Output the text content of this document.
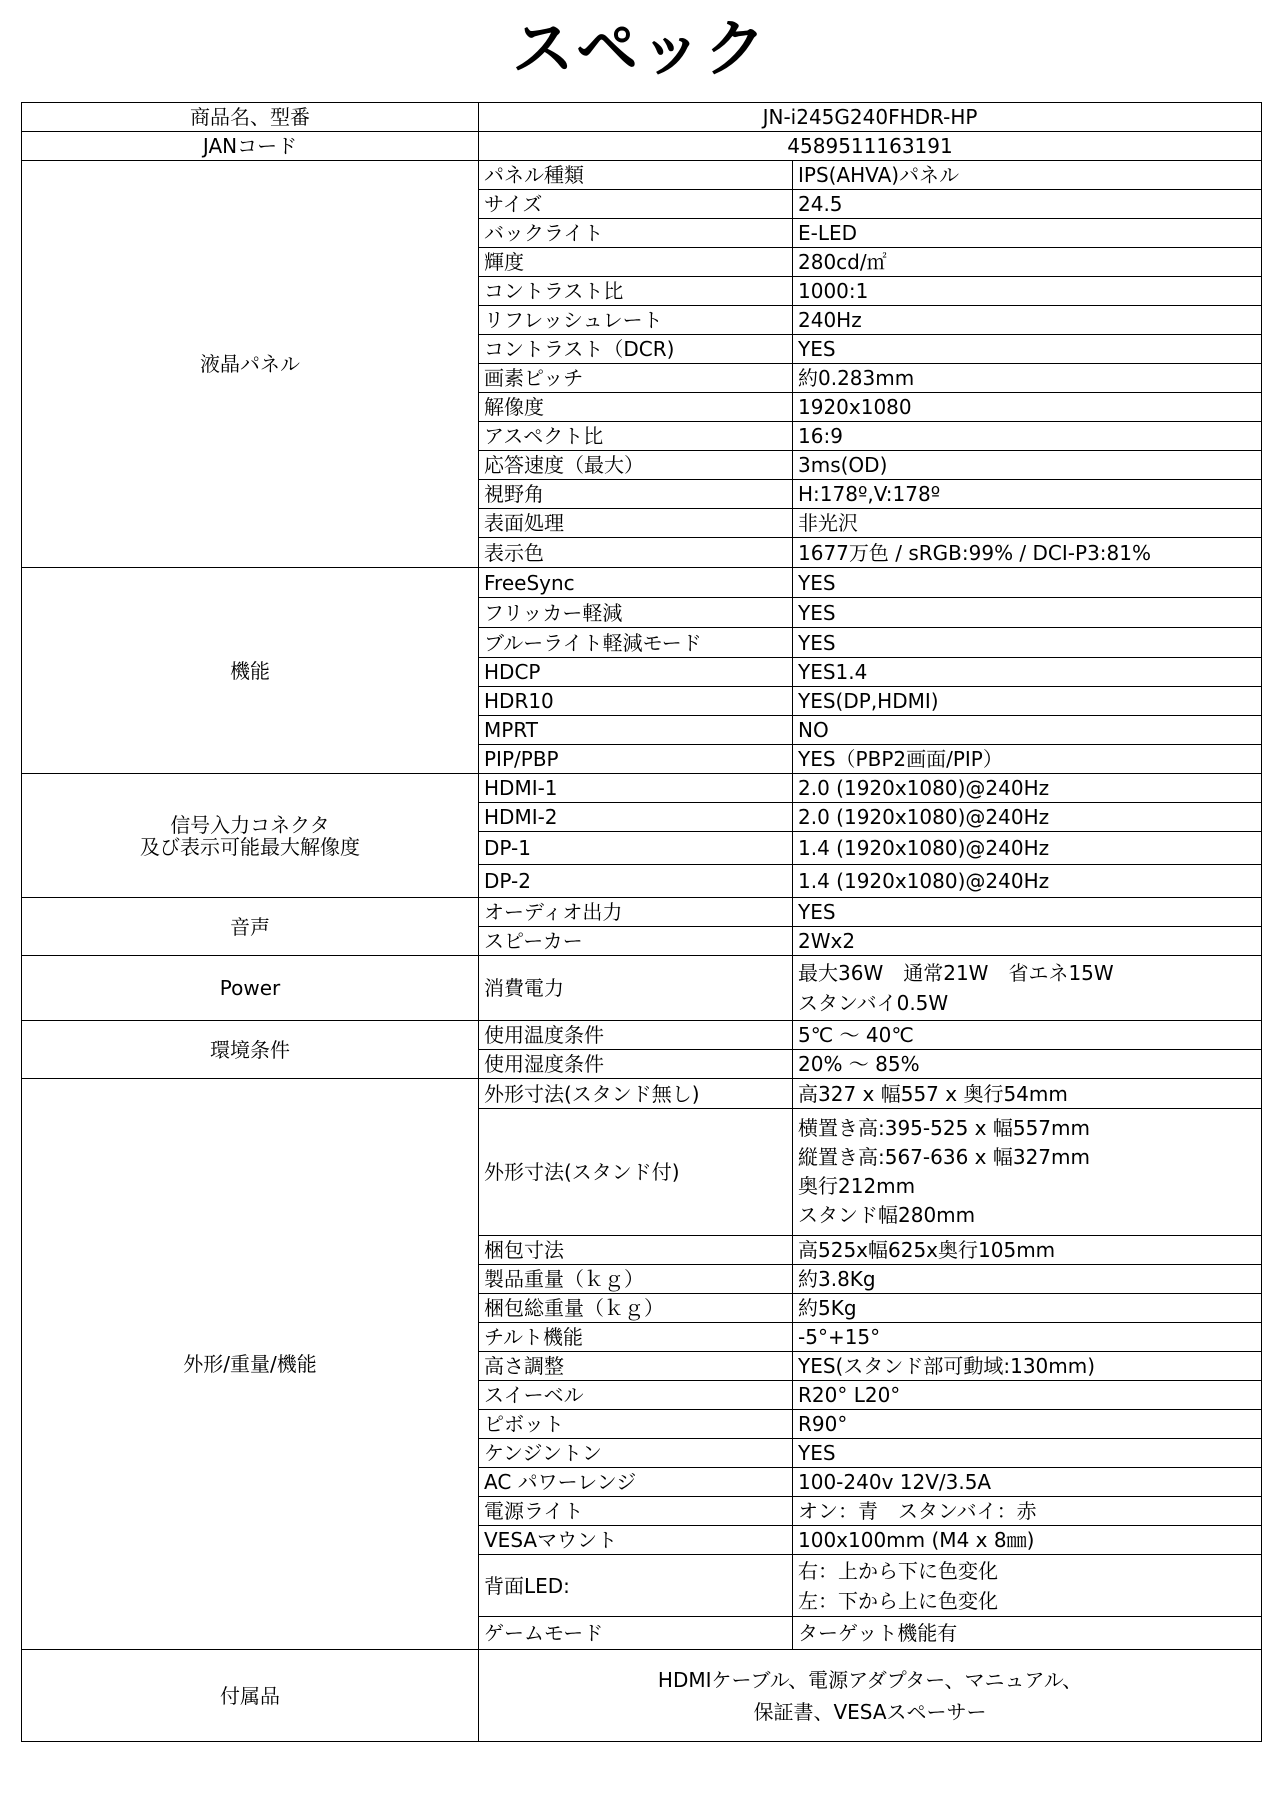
スペック
商品名、型番	JN-i245G240FHDR-HP	
JANコード	4589511163191	

液晶パネル	パネル種類	IPS(AHVA)パネル

	サイズ	24.5

	バックライト	E-LED

	輝度	280cd/㎡

	コントラスト比	1000:1

	リフレッシュレート	240Hz

	コントラスト（DCR)	YES

	画素ピッチ	約0.283mm

	解像度	1920x1080

	アスペクト比	16:9

	応答速度（最大）	3ms(OD)

	視野角	H:178º,V:178º

	表面処理	非光沢

	表示色	1677万色 / sRGB:99% / DCI-P3:81%

機能	FreeSync	YES

	フリッカー軽減	YES

	ブルーライト軽減モード	YES

	HDCP	YES1.4

	HDR10	YES(DP,HDMI)

	MPRT	NO

	PIP/PBP	YES（PBP2画面/PIP）

信号入力コネクタ
及び表示可能最大解像度	HDMI-1	2.0 (1920x1080)@240Hz

	HDMI-2	2.0 (1920x1080)@240Hz

	DP-1	1.4 (1920x1080)@240Hz

	DP-2	1.4 (1920x1080)@240Hz

音声	オーディオ出力	YES

	スピーカー	2Wx2

Power	消費電力	最大36W　通常21W　省エネ15W
スタンバイ0.5W

環境条件	使用温度条件	5℃ ～ 40℃

	使用湿度条件	20% ～ 85%

外形/重量/機能	外形寸法(スタンド無し)	高327 x 幅557 x 奥行54mm

	外形寸法(スタンド付)	横置き高:395-525 x 幅557mm
縦置き高:567-636 x 幅327mm
奥行212mm
スタンド幅280mm

	梱包寸法	高525x幅625x奥行105mm

	製品重量（ｋｇ）	約3.8Kg

	梱包総重量（ｋｇ）	約5Kg

	チルト機能	-5°+15°

	高さ調整	YES(スタンド部可動域:130mm)

	スイーベル	R20° L20°

	ピボット	R90°

	ケンジントン	YES

	AC パワーレンジ	100-240v 12V/3.5A

	電源ライト	オン：青　スタンバイ：赤

	VESAマウント	100x100mm (M4 x 8㎜)

	背面LED:	右：上から下に色変化
左：下から上に色変化

	ゲームモード	ターゲット機能有

付属品	HDMIケーブル、電源アダプター、マニュアル、
保証書、VESAスペーサー	
